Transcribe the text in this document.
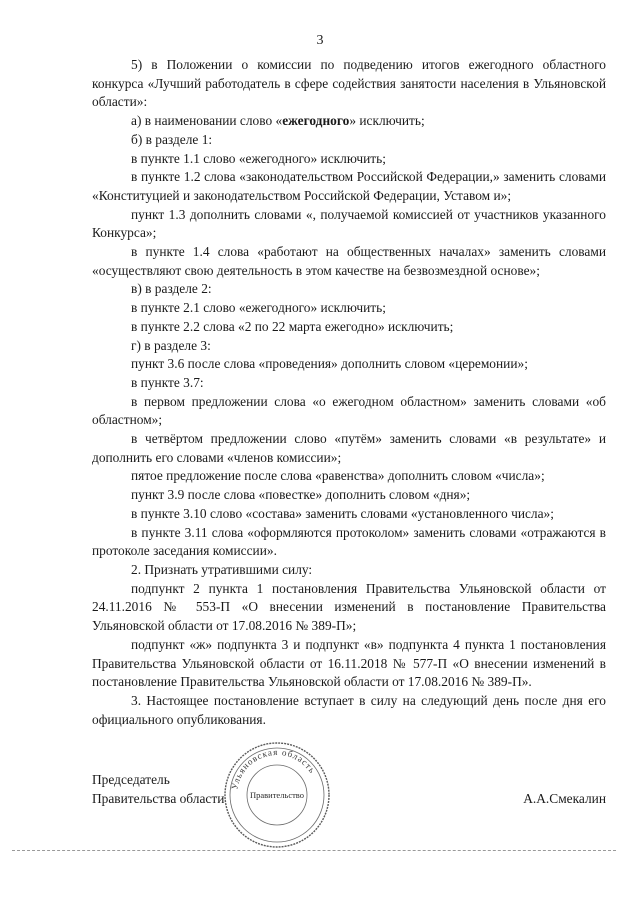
3

5) в Положении о комиссии по подведению итогов ежегодного областного конкурса «Лучший работодатель в сфере содействия занятости населения в Ульяновской области»:

а) в наименовании слово «ежегодного» исключить;

б) в разделе 1:

в пункте 1.1 слово «ежегодного» исключить;

в пункте 1.2 слова «законодательством Российской Федерации,» заменить словами «Конституцией и законодательством Российской Федерации, Уставом и»;

пункт 1.3 дополнить словами «, получаемой комиссией от участников указанного Конкурса»;

в пункте 1.4 слова «работают на общественных началах» заменить словами «осуществляют свою деятельность в этом качестве на безвозмездной основе»;

в) в разделе 2:

в пункте 2.1 слово «ежегодного» исключить;

в пункте 2.2 слова «2 по 22 марта ежегодно» исключить;

г) в разделе 3:

пункт 3.6 после слова «проведения» дополнить словом «церемонии»;

в пункте 3.7:

в первом предложении слова «о ежегодном областном» заменить словами «об областном»;

в четвёртом предложении слово «путём» заменить словами «в результате» и дополнить его словами «членов комиссии»;

пятое предложение после слова «равенства» дополнить словом «числа»;

пункт 3.9 после слова «повестке» дополнить словом «дня»;

в пункте 3.10 слово «состава» заменить словами «установленного числа»;

в пункте 3.11 слова «оформляются протоколом» заменить словами «отражаются в протоколе заседания комиссии».

2. Признать утратившими силу:

подпункт 2 пункта 1 постановления Правительства Ульяновской области от 24.11.2016 № 553-П «О внесении изменений в постановление Правительства Ульяновской области от 17.08.2016 № 389-П»;

подпункт «ж» подпункта 3 и подпункт «в» подпункта 4 пункта 1 постановления Правительства Ульяновской области от 16.11.2018 № 577-П «О внесении изменений в постановление Правительства Ульяновской области от 17.08.2016 № 389-П».

3. Настоящее постановление вступает в силу на следующий день после дня его официального опубликования.

Ульяновская область
Правительство
Председатель
Правительства области	А.А.Смекалин
